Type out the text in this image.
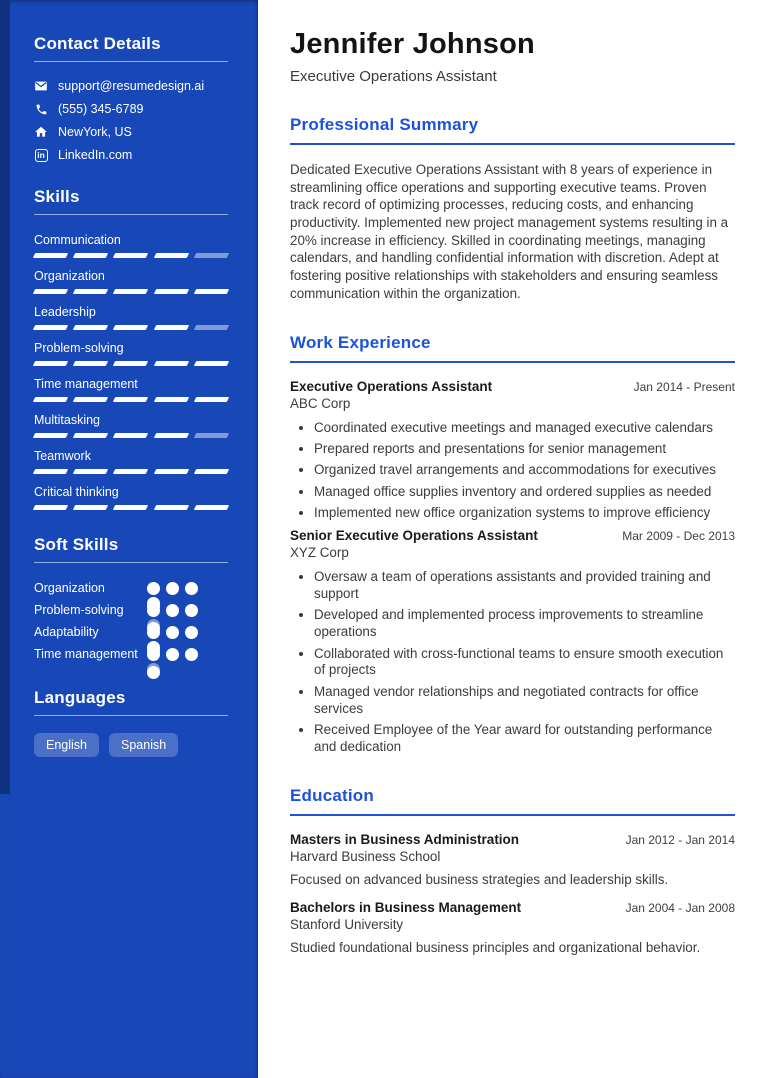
Contact Details
support@resumedesign.ai
(555) 345-6789
NewYork, US
in LinkedIn.com
Skills
Communication
Organization
Leadership
Problem-solving
Time management
Multitasking
Teamwork
Critical thinking
Soft Skills
Organization
Problem-solving
Adaptability
Time management
Languages
English	Spanish
Jennifer Johnson
Executive Operations Assistant
Professional Summary

Dedicated Executive Operations Assistant with 8 years of experience in streamlining office operations and supporting executive teams. Proven track record of optimizing processes, reducing costs, and enhancing productivity. Implemented new project management systems resulting in a 20% increase in efficiency. Skilled in coordinating meetings, managing calendars, and handling confidential information with discretion. Adept at fostering positive relationships with stakeholders and ensuring seamless communication within the organization.

Work Experience
Executive Operations Assistant	Jan 2014 - Present
ABC Corp
• Coordinated executive meetings and managed executive calendars
• Prepared reports and presentations for senior management
• Organized travel arrangements and accommodations for executives
• Managed office supplies inventory and ordered supplies as needed
• Implemented new office organization systems to improve efficiency
Senior Executive Operations Assistant	Mar 2009 - Dec 2013
XYZ Corp
• Oversaw a team of operations assistants and provided training and support
• Developed and implemented process improvements to streamline operations
• Collaborated with cross-functional teams to ensure smooth execution of projects
• Managed vendor relationships and negotiated contracts for office services
• Received Employee of the Year award for outstanding performance and dedication
Education
Masters in Business Administration	Jan 2012 - Jan 2014
Harvard Business School

Focused on advanced business strategies and leadership skills.

Bachelors in Business Management	Jan 2004 - Jan 2008
Stanford University

Studied foundational business principles and organizational behavior.
